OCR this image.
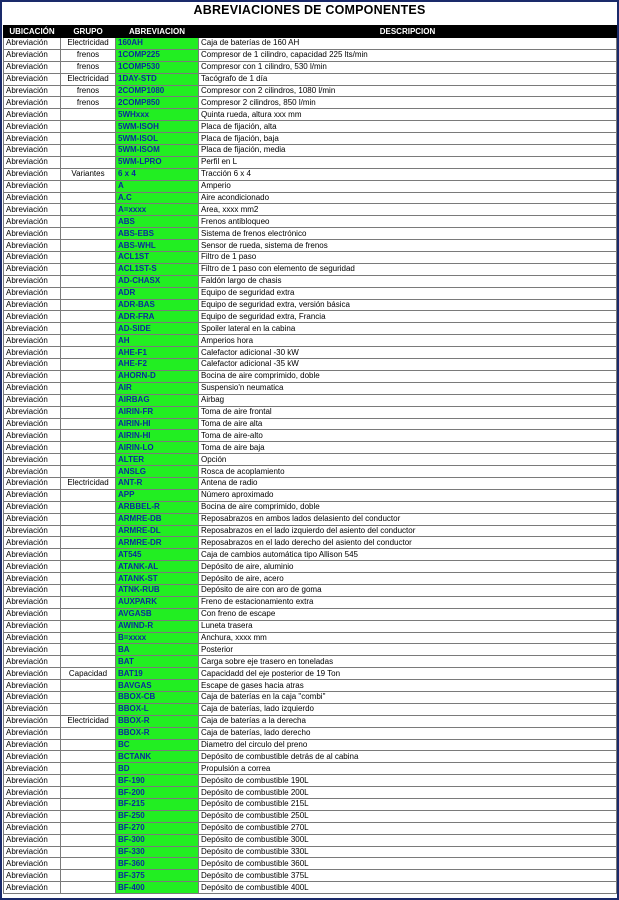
ABREVIACIONES DE COMPONENTES
UBICACIÓN	GRUPO	ABREVIACION	DESCRIPCION
Abreviación	Electricidad	160AH	Caja de baterías de 160 AH
Abreviación	frenos	1COMP225	Compresor de 1 cilindro, capacidad 225 lts/min
Abreviación	frenos	1COMP530	Compresor con 1 cilindro, 530 l/min
Abreviación	Electricidad	1DAY-STD	Tacógrafo de 1 día
Abreviación	frenos	2COMP1080	Compresor con 2 cilindros, 1080 l/min
Abreviación	frenos	2COMP850	Compresor 2 cilindros, 850 l/min
Abreviación		5WHxxx	Quinta rueda, altura xxx mm
Abreviación		5WM-ISOH	Placa de fijación, alta
Abreviación		5WM-ISOL	Placa de fijación, baja
Abreviación		5WM-ISOM	Placa de fijación, media
Abreviación		5WM-LPRO	Perfil en L
Abreviación	Variantes	6 x 4	Tracción 6 x 4
Abreviación		A	Amperio
Abreviación		A.C	Aire acondicionado
Abreviación		A=xxxx	Area, xxxx mm2
Abreviación		ABS	Frenos antibloqueo
Abreviación		ABS-EBS	Sistema de frenos electrónico
Abreviación		ABS-WHL	Sensor de rueda, sistema de frenos
Abreviación		ACL1ST	Filtro de 1 paso
Abreviación		ACL1ST-S	Filtro de 1 paso con elemento de seguridad
Abreviación		AD-CHASX	Faldón largo de chasis
Abreviación		ADR	Equipo de seguridad extra
Abreviación		ADR-BAS	Equipo de seguridad extra, versión básica
Abreviación		ADR-FRA	Equipo de seguridad extra, Francia
Abreviación		AD-SIDE	Spoiler lateral en la cabina
Abreviación		AH	Amperios hora
Abreviación		AHE-F1	Calefactor adicional -30 kW
Abreviación		AHE-F2	Calefactor adicional -35 kW
Abreviación		AHORN-D	Bocina de aire comprimido, doble
Abreviación		AIR	Suspensio'n neumatica
Abreviación		AIRBAG	Airbag
Abreviación		AIRIN-FR	Toma de aire frontal
Abreviación		AIRIN-HI	Toma de aire alta
Abreviación		AIRIN-HI	Toma de aire-alto
Abreviación		AIRIN-LO	Toma de aire baja
Abreviación		ALTER	Opción
Abreviación		ANSLG	Rosca de acoplamiento
Abreviación	Electricidad	ANT-R	Antena de radio
Abreviación		APP	Número aproximado
Abreviación		ARBBEL-R	Bocina de aire comprimido, doble
Abreviación		ARMRE-DB	Reposabrazos en ambos lados delasiento del conductor
Abreviación		ARMRE-DL	Reposabrazos en el lado izquierdo del asiento del conductor
Abreviación		ARMRE-DR	Reposabrazos en el lado derecho del asiento del conductor
Abreviación		AT545	Caja de cambios automática tipo Allison 545
Abreviación		ATANK-AL	Depósito de aire, aluminio
Abreviación		ATANK-ST	Depósito de aire, acero
Abreviación		ATNK-RUB	Depósito de aire con aro de goma
Abreviación		AUXPARK	Freno de estacionamiento extra
Abreviación		AVGASB	Con freno de escape
Abreviación		AWIND-R	Luneta trasera
Abreviación		B=xxxx	Anchura, xxxx mm
Abreviación		BA	Posterior
Abreviación		BAT	Carga sobre eje trasero en toneladas
Abreviación	Capacidad	BAT19	Capacidadd del eje posterior de 19 Ton
Abreviación		BAVGAS	Escape de gases hacia atras
Abreviación		BBOX-CB	Caja de baterías en la caja "combi"
Abreviación		BBOX-L	Caja de baterías, lado izquierdo
Abreviación	Electricidad	BBOX-R	Caja de baterías a la derecha
Abreviación		BBOX-R	Caja de baterías, lado derecho
Abreviación		BC	Diametro del circulo del preno
Abreviación		BCTANK	Depósito de combustible detrás de al cabina
Abreviación		BD	Propulsión a correa
Abreviación		BF-190	Depósito de combustible 190L
Abreviación		BF-200	Depósito de combustible 200L
Abreviación		BF-215	Depósito de combustible 215L
Abreviación		BF-250	Depósito de combustible 250L
Abreviación		BF-270	Depósito de combustible 270L
Abreviación		BF-300	Depósito de combustible 300L
Abreviación		BF-330	Depósito de combustible 330L
Abreviación		BF-360	Depósito de combustible 360L
Abreviación		BF-375	Depósito de combustible 375L
Abreviación		BF-400	Depósito de combustible 400L
